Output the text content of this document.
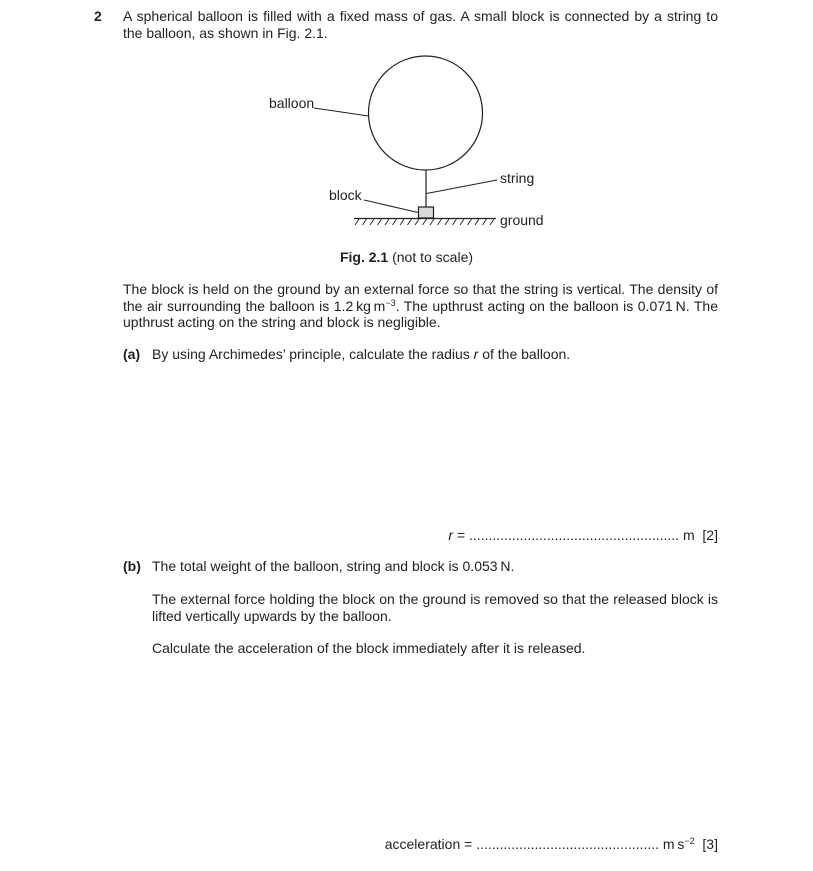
2 A spherical balloon is filled with a fixed mass of gas. A small block is connected by a string to the balloon, as shown in Fig. 2.1.
balloon
string
block
ground
Fig. 2.1 (not to scale)
The block is held on the ground by an external force so that the string is vertical. The density of the air surrounding the balloon is 1.2 kg $m^{-3}$. The upthrust acting on the balloon is 0.071 N. The upthrust acting on the string and block is negligible.
(a) By using Archimedes’ principle, calculate the radius r of the balloon.
r = ...................................................... m [2]
(b) The total weight of the balloon, string and block is 0.053 N.
The external force holding the block on the ground is removed so that the released block is lifted vertically upwards by the balloon.
Calculate the acceleration of the block immediately after it is released.
acceleration = ............................................... m $s^{-2}$ [3]
